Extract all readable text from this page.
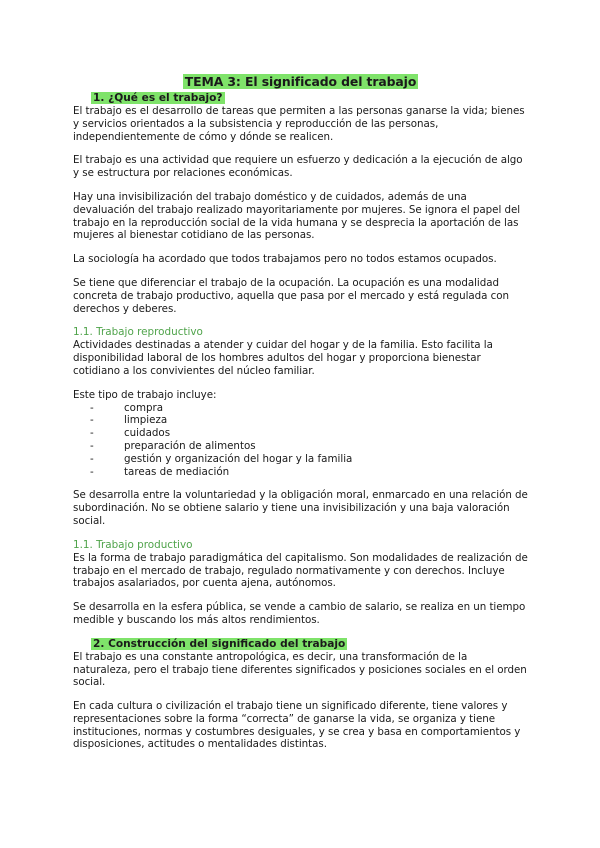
TEMA 3: El significado del trabajo
1. ¿Qué es el trabajo?

El trabajo es el desarrollo de tareas que permiten a las personas ganarse la vida; bienes y servicios orientados a la subsistencia y reproducción de las personas, independientemente de cómo y dónde se realicen.

El trabajo es una actividad que requiere un esfuerzo y dedicación a la ejecución de algo y se estructura por relaciones económicas.

Hay una invisibilización del trabajo doméstico y de cuidados, además de una devaluación del trabajo realizado mayoritariamente por mujeres. Se ignora el papel del trabajo en la reproducción social de la vida humana y se desprecia la aportación de las mujeres al bienestar cotidiano de las personas.

La sociología ha acordado que todos trabajamos pero no todos estamos ocupados.

Se tiene que diferenciar el trabajo de la ocupación. La ocupación es una modalidad concreta de trabajo productivo, aquella que pasa por el mercado y está regulada con derechos y deberes.

1.1. Trabajo reproductivo

Actividades destinadas a atender y cuidar del hogar y de la familia. Esto facilita la disponibilidad laboral de los hombres adultos del hogar y proporciona bienestar cotidiano a los convivientes del núcleo familiar.

Este tipo de trabajo incluye:

- compra
- limpieza
- cuidados
- preparación de alimentos
- gestión y organización del hogar y la familia
- tareas de mediación

Se desarrolla entre la voluntariedad y la obligación moral, enmarcado en una relación de subordinación. No se obtiene salario y tiene una invisibilización y una baja valoración social.

1.1. Trabajo productivo

Es la forma de trabajo paradigmática del capitalismo. Son modalidades de realización de trabajo en el mercado de trabajo, regulado normativamente y con derechos. Incluye trabajos asalariados, por cuenta ajena, autónomos.

Se desarrolla en la esfera pública, se vende a cambio de salario, se realiza en un tiempo medible y buscando los más altos rendimientos.

2. Construcción del significado del trabajo

El trabajo es una constante antropológica, es decir, una transformación de la naturaleza, pero el trabajo tiene diferentes significados y posiciones sociales en el orden social.

En cada cultura o civilización el trabajo tiene un significado diferente, tiene valores y representaciones sobre la forma “correcta” de ganarse la vida, se organiza y tiene instituciones, normas y costumbres desiguales, y se crea y basa en comportamientos y disposiciones, actitudes o mentalidades distintas.
